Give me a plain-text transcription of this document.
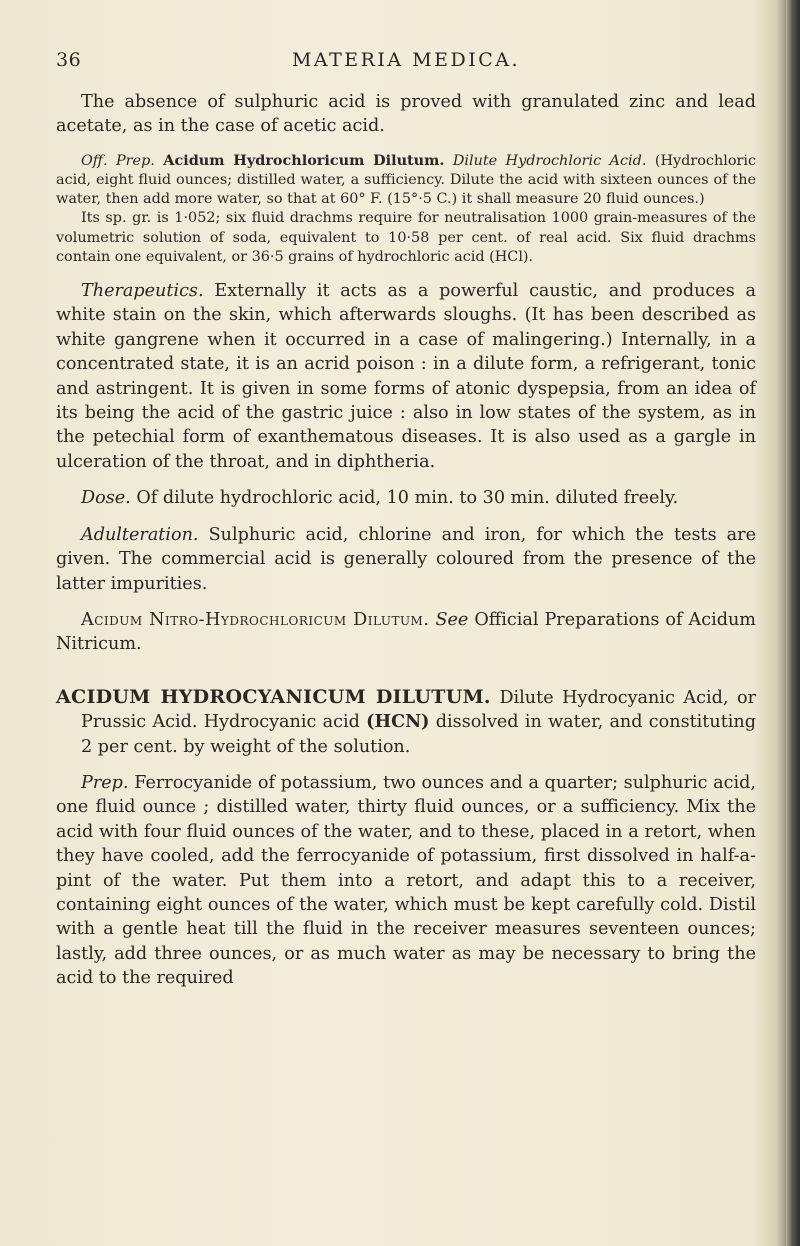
36	MATERIA MEDICA.

The absence of sulphuric acid is proved with granulated zinc and lead acetate, as in the case of acetic acid.

Off. Prep. Acidum Hydrochloricum Dilutum. Dilute Hydrochloric Acid. (Hydrochloric acid, eight fluid ounces; distilled water, a sufficiency. Dilute the acid with sixteen ounces of the water, then add more water, so that at 60° F. (15°·5 C.) it shall measure 20 fluid ounces.)

Its sp. gr. is 1·052; six fluid drachms require for neutralisation 1000 grain-measures of the volumetric solution of soda, equivalent to 10·58 per cent. of real acid. Six fluid drachms contain one equivalent, or 36·5 grains of hydrochloric acid (HCl).

Therapeutics. Externally it acts as a powerful caustic, and produces a white stain on the skin, which afterwards sloughs. (It has been described as white gangrene when it occurred in a case of malingering.) Internally, in a concentrated state, it is an acrid poison : in a dilute form, a refrigerant, tonic and astringent. It is given in some forms of atonic dyspepsia, from an idea of its being the acid of the gastric juice : also in low states of the system, as in the petechial form of exanthematous diseases. It is also used as a gargle in ulceration of the throat, and in diphtheria.

Dose. Of dilute hydrochloric acid, 10 min. to 30 min. diluted freely.

Adulteration. Sulphuric acid, chlorine and iron, for which the tests are given. The commercial acid is generally coloured from the presence of the latter impurities.

Acidum Nitro-Hydrochloricum Dilutum. See Official Preparations of Acidum Nitricum.

ACIDUM HYDROCYANICUM DILUTUM. Dilute Hydrocyanic Acid, or Prussic Acid. Hydrocyanic acid (HCN) dissolved in water, and constituting 2 per cent. by weight of the solution.

Prep. Ferrocyanide of potassium, two ounces and a quarter; sulphuric acid, one fluid ounce ; distilled water, thirty fluid ounces, or a sufficiency. Mix the acid with four fluid ounces of the water, and to these, placed in a retort, when they have cooled, add the ferrocyanide of potassium, first dissolved in half-a-pint of the water. Put them into a retort, and adapt this to a receiver, containing eight ounces of the water, which must be kept carefully cold. Distil with a gentle heat till the fluid in the receiver measures seventeen ounces; lastly, add three ounces, or as much water as may be necessary to bring the acid to the required
